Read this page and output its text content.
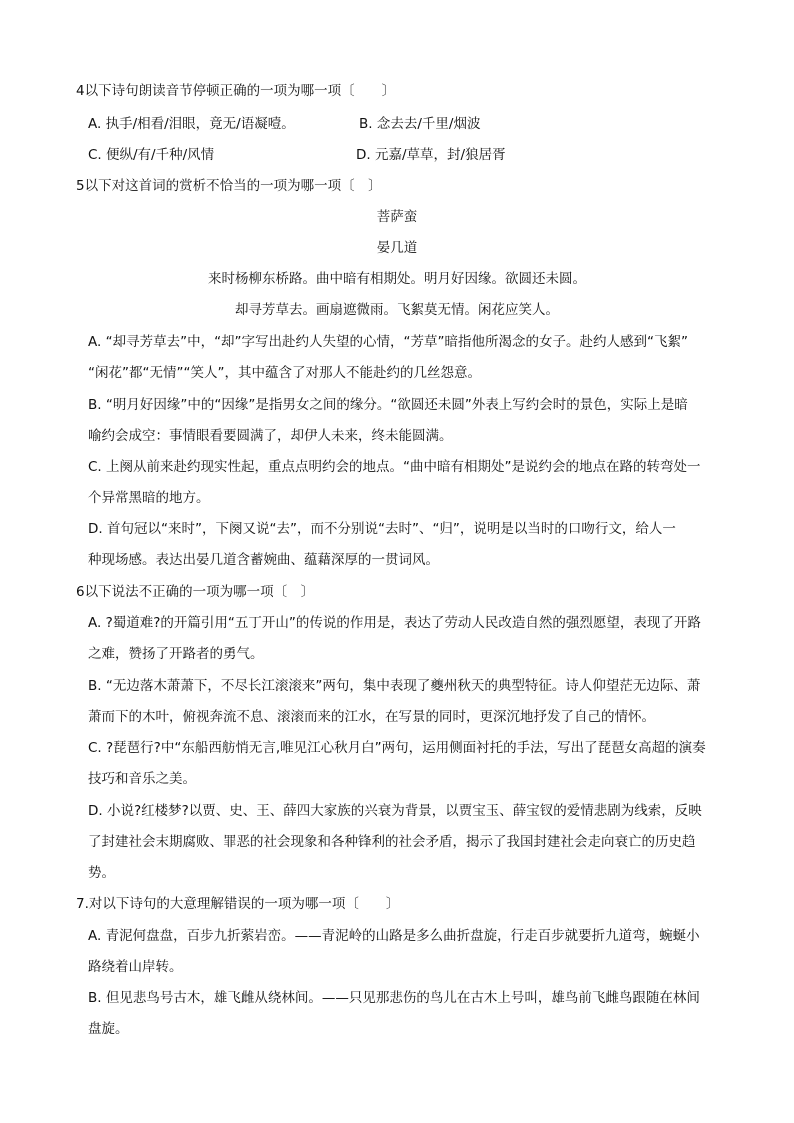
4以下诗句朗读音节停顿正确的一项为哪一项〔　　〕
A. 执手/相看/泪眼，竟无/语凝噎。	B. 念去去/千里/烟波
C. 便纵/有/千种/风情	D. 元嘉/草草，封/狼居胥
5以下对这首词的赏析不恰当的一项为哪一项〔　〕
菩萨蛮
晏几道
来时杨柳东桥路。曲中暗有相期处。明月好因缘。欲圆还未圆。
却寻芳草去。画扇遮微雨。飞絮莫无情。闲花应笑人。
A. “却寻芳草去”中，“却”字写出赴约人失望的心情，“芳草”暗指他所渴念的女子。赴约人感到“飞絮”
“闲花”都“无情”“笑人”，其中蕴含了对那人不能赴约的几丝怨意。
B. “明月好因缘”中的“因缘”是指男女之间的缘分。“欲圆还未圆”外表上写约会时的景色，实际上是暗
喻约会成空：事情眼看要圆满了，却伊人未来，终未能圆满。
C. 上阕从前来赴约现实性起，重点点明约会的地点。“曲中暗有相期处”是说约会的地点在路的转弯处一
个异常黑暗的地方。
D. 首句冠以“来时”，下阕又说“去”，而不分别说“去时”、“归”，说明是以当时的口吻行文，给人一
种现场感。表达出晏几道含蓄婉曲、蕴藉深厚的一贯词风。
6以下说法不正确的一项为哪一项〔　〕
A. ?蜀道难?的开篇引用“五丁开山”的传说的作用是，表达了劳动人民改造自然的强烈愿望，表现了开路
之难，赞扬了开路者的勇气。
B. “无边落木萧萧下，不尽长江滚滚来”两句，集中表现了夔州秋天的典型特征。诗人仰望茫无边际、萧
萧而下的木叶，俯视奔流不息、滚滚而来的江水，在写景的同时，更深沉地抒发了自己的情怀。
C. ?琵琶行?中“东船西舫悄无言,唯见江心秋月白”两句，运用侧面衬托的手法，写出了琵琶女高超的演奏
技巧和音乐之美。
D. 小说?红楼梦?以贾、史、王、薛四大家族的兴衰为背景，以贾宝玉、薛宝钗的爱情悲剧为线索，反映
了封建社会末期腐败、罪恶的社会现象和各种锋利的社会矛盾，揭示了我国封建社会走向衰亡的历史趋
势。
7.对以下诗句的大意理解错误的一项为哪一项〔　　〕
A. 青泥何盘盘，百步九折萦岩峦。——青泥岭的山路是多么曲折盘旋，行走百步就要折九道弯，蜿蜒小
路绕着山岸转。
B. 但见悲鸟号古木，雄飞雌从绕林间。——只见那悲伤的鸟儿在古木上号叫，雄鸟前飞雌鸟跟随在林间
盘旋。
